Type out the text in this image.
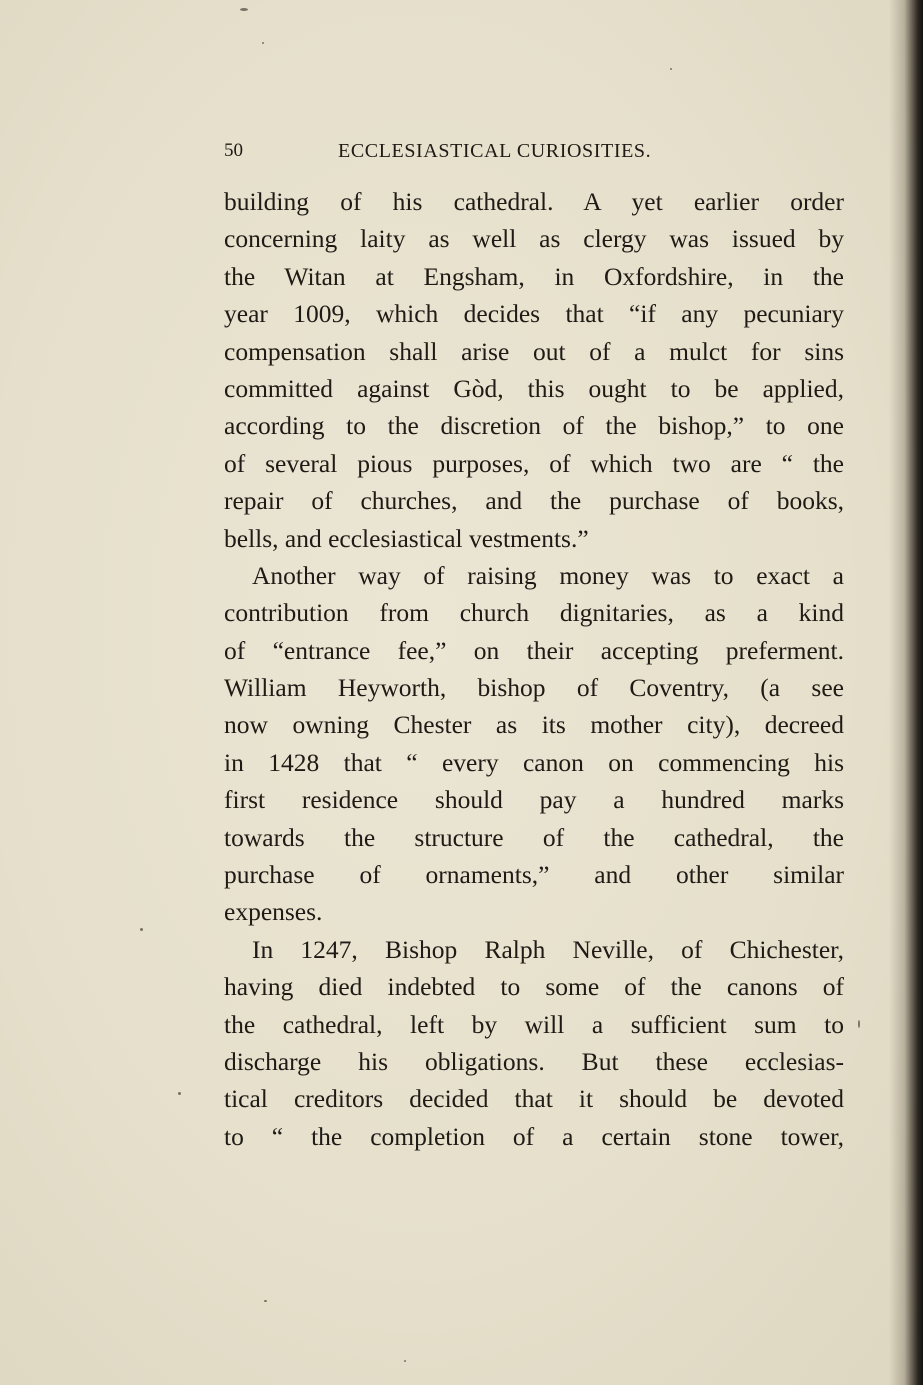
50	ECCLESIASTICAL CURIOSITIES.
building of his cathedral. A yet earlier order
concerning laity as well as clergy was issued by
the Witan at Engsham, in Oxfordshire, in the
year 1009, which decides that “if any pecuniary
compensation shall arise out of a mulct for sins
committed against Gòd, this ought to be applied,
according to the discretion of the bishop,” to one
of several pious purposes, of which two are “ the
repair of churches, and the purchase of books,
bells, and ecclesiastical vestments.”
Another way of raising money was to exact a
contribution from church dignitaries, as a kind
of “entrance fee,” on their accepting preferment.
William Heyworth, bishop of Coventry, (a see
now owning Chester as its mother city), decreed
in 1428 that “ every canon on commencing his
first residence should pay a hundred marks
towards the structure of the cathedral, the
purchase of ornaments,” and other similar
expenses.
In 1247, Bishop Ralph Neville, of Chichester,
having died indebted to some of the canons of
the cathedral, left by will a sufficient sum to
discharge his obligations. But these ecclesias-
tical creditors decided that it should be devoted
to “ the completion of a certain stone tower,
